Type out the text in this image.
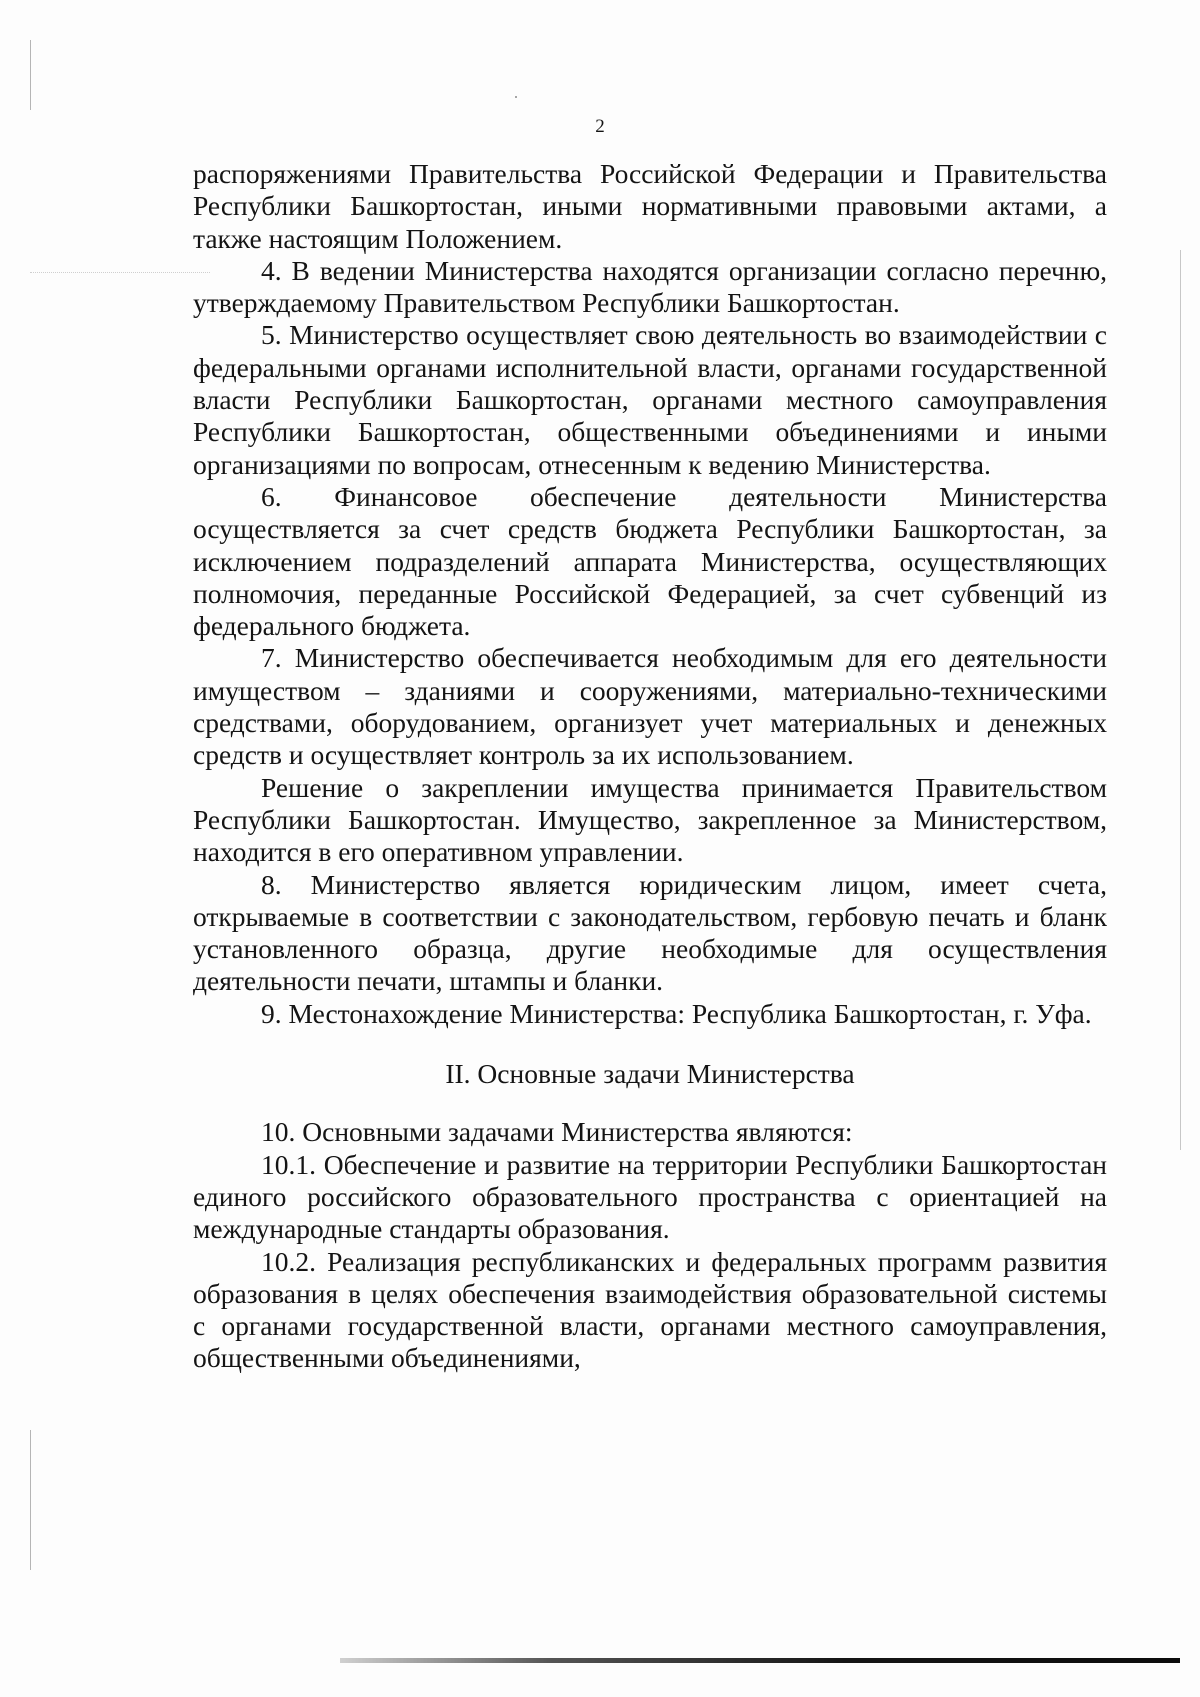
2

распоряжениями Правительства Российской Федерации и Правительства Республики Башкортостан, иными нормативными правовыми актами, а также настоящим Положением.

4. В ведении Министерства находятся организации согласно перечню, утверждаемому Правительством Республики Башкортостан.

5. Министерство осуществляет свою деятельность во взаимодействии с федеральными органами исполнительной власти, органами государственной власти Республики Башкортостан, органами местного самоуправления Республики Башкортостан, общественными объединениями и иными организациями по вопросам, отнесенным к ведению Министерства.

6. Финансовое обеспечение деятельности Министерства осуществляется за счет средств бюджета Республики Башкортостан, за исключением подразделений аппарата Министерства, осуществляющих полномочия, переданные Российской Федерацией, за счет субвенций из федерального бюджета.

7. Министерство обеспечивается необходимым для его деятельности имуществом – зданиями и сооружениями, материально-техническими средствами, оборудованием, организует учет материальных и денежных средств и осуществляет контроль за их использованием.

Решение о закреплении имущества принимается Правительством Республики Башкортостан. Имущество, закрепленное за Министерством, находится в его оперативном управлении.

8. Министерство является юридическим лицом, имеет счета, открываемые в соответствии с законодательством, гербовую печать и бланк установленного образца, другие необходимые для осуществления деятельности печати, штампы и бланки.

9. Местонахождение Министерства: Республика Башкортостан, г. Уфа.

II. Основные задачи Министерства

10. Основными задачами Министерства являются:

10.1. Обеспечение и развитие на территории Республики Башкортостан единого российского образовательного пространства с ориентацией на международные стандарты образования.

10.2. Реализация республиканских и федеральных программ развития образования в целях обеспечения взаимодействия образовательной системы с органами государственной власти, органами местного самоуправления, общественными объединениями,
